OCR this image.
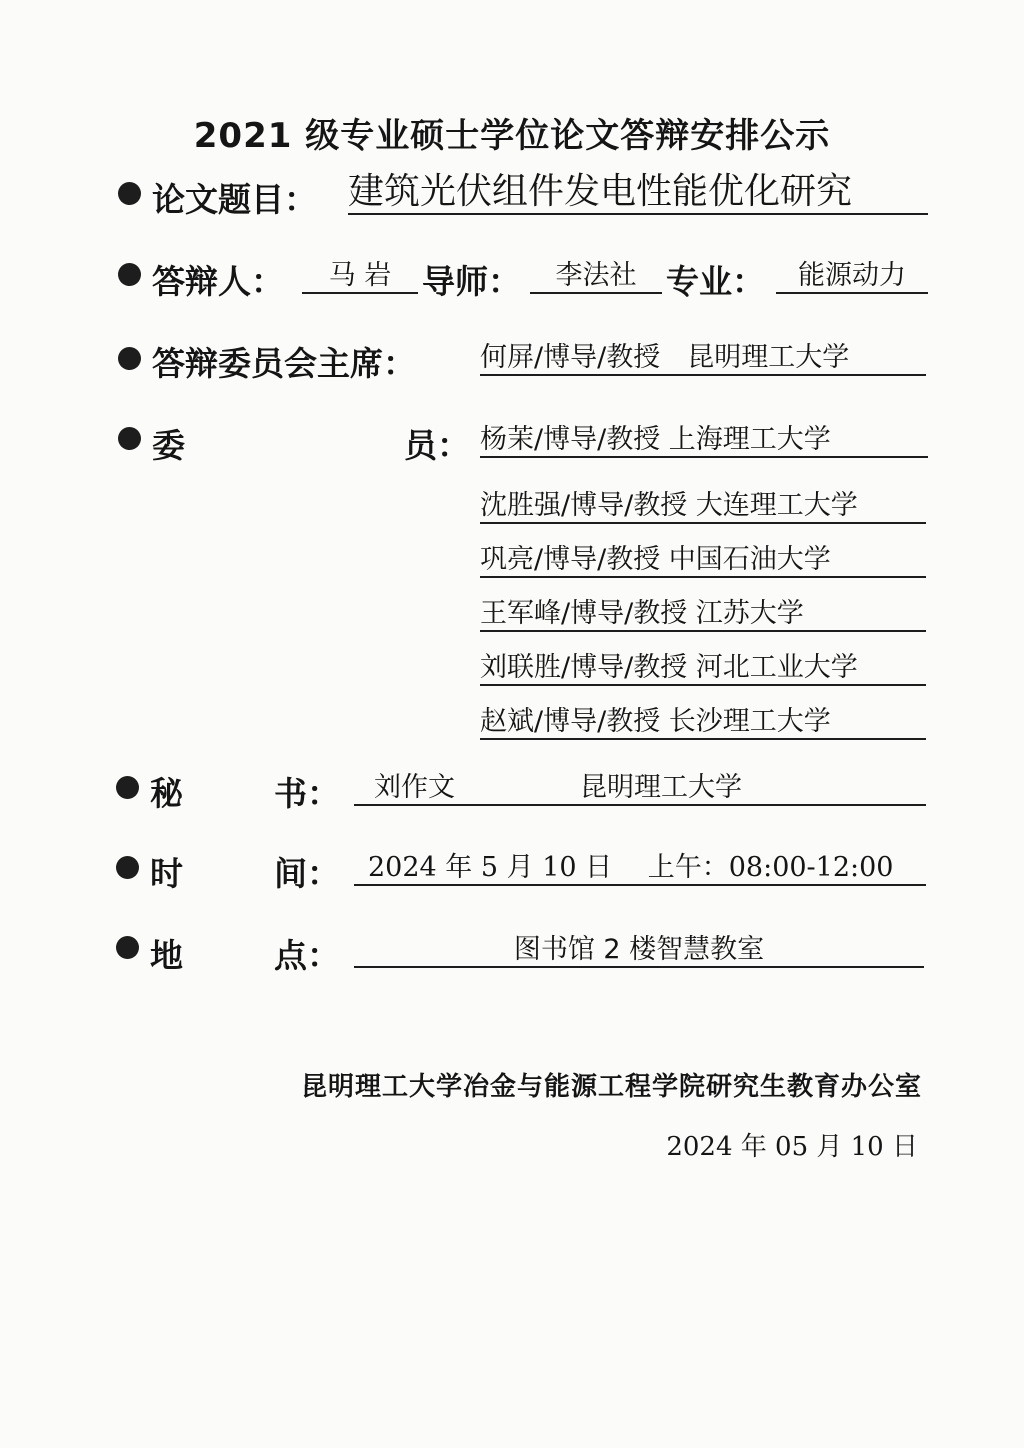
2021 级专业硕士学位论文答辩安排公示
论文题目： 建筑光伏组件发电性能优化研究
答辩人：	马 岩 导师：	李法社 专业：	能源动力
答辩委员会主席： 何屏/博导/教授　昆明理工大学
委	员： 杨茉/博导/教授 上海理工大学
沈胜强/博导/教授 大连理工大学
巩亮/博导/教授 中国石油大学
王军峰/博导/教授 江苏大学
刘联胜/博导/教授 河北工业大学
赵斌/博导/教授 长沙理工大学
秘	书：	刘作文	昆明理工大学
时	间：	2024 年 5 月 10 日　 上午：08:00-12:00
地	点：	图书馆 2 楼智慧教室
昆明理工大学冶金与能源工程学院研究生教育办公室
2024 年 05 月 10 日
